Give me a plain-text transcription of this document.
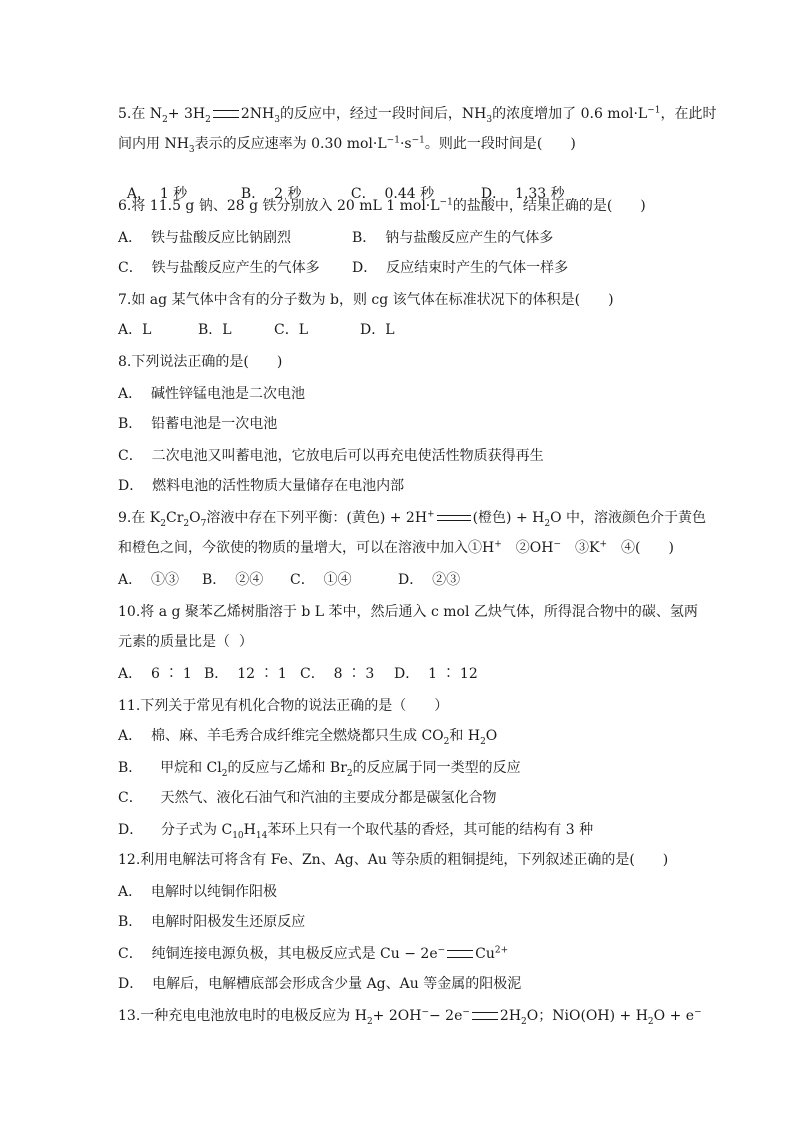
5.在 $N_2+ 3H_2$ $2NH_3$的反应中，经过一段时间后，$NH_3$的浓度增加了 0.6 $mol\cdot L^{-1}$，在此时
间内用 $NH_3$表示的反应速率为 0.30 $mol\cdot L^{-1}\cdot s^{-1}$。则此一段时间是(　　)

A．  1 秒	B．  2 秒	C．  0.44 秒	D．  1.33 秒

6.将 11.5 g 钠、28 g 铁分别放入 20 mL 1 $mol\cdot L^{-1}$的盐酸中，结果正确的是(　　)
A．  铁与盐酸反应比钠剧烈	B．  钠与盐酸反应产生的气体多
C．  铁与盐酸反应产生的气体多 D．  反应结束时产生的气体一样多
7.如 ag 某气体中含有的分子数为 b，则 cg 该气体在标准状况下的体积是(　　)
A．L	B．L	C．L	D．L
8.下列说法正确的是(　　)
A．  碱性锌锰电池是二次电池
B．  铅蓄电池是一次电池
C．  二次电池又叫蓄电池，它放电后可以再充电使活性物质获得再生
D．  燃料电池的活性物质大量储存在电池内部
9.在 $K_2Cr_2O_7$溶液中存在下列平衡：(黄色) + 2H+	(橙色) + $H_2O$ 中，溶液颜色介于黄色
和橙色之间，今欲使的物质的量增大，可以在溶液中加入①H+　②OH−　③K+　④(　　)
A．  ①③ B．  ②④ C．  ①④	D．  ②③
10.将 a g 聚苯乙烯树脂溶于 b L 苯中，然后通入 c mol 乙炔气体，所得混合物中的碳、氢两
元素的质量比是（  ）
A．  6 ∶ 1 B．  12 ∶ 1 C．  8 ∶ 3 D．  1 ∶ 12
11.下列关于常见有机化合物的说法正确的是（　　）
A．  棉、麻、羊毛秀合成纤维完全燃烧都只生成 $CO_2$和 $H_2O$
B．    甲烷和 $Cl_2$的反应与乙烯和 $Br_2$的反应属于同一类型的反应
C．    天然气、液化石油气和汽油的主要成分都是碳氢化合物
D．    分子式为 $C_{10}H_{14}$苯环上只有一个取代基的香烃，其可能的结构有 3 种
12.利用电解法可将含有 Fe、Zn、Ag、Au 等杂质的粗铜提纯，下列叙述正确的是(　　)
A．  电解时以纯铜作阳极
B．  电解时阳极发生还原反应
C．  纯铜连接电源负极，其电极反应式是 Cu − 2e− $Cu^{2+}$
D．  电解后，电解槽底部会形成含少量 Ag、Au 等金属的阳极泥
13.一种充电电池放电时的电极反应为 $H_2+ 2OH^-- 2e^-$ $2H_2O$；$NiO(OH) + H_2O + e^-$
